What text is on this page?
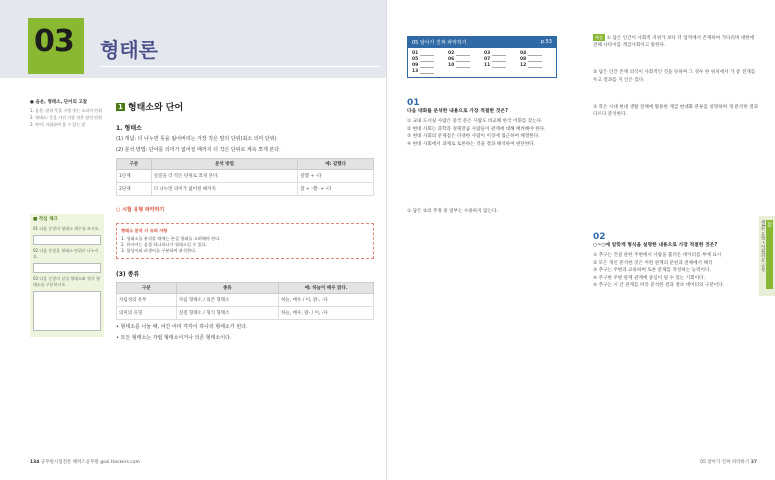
03 형태론
● 음운, 형태소, 단어의 고찰
1. 음운: 말의 뜻을 구별 짓는 소리의 단위
2. 형태소: 뜻을 가진 가장 작은 말의 단위
3. 단어: 자립하여 쓸 수 있는 말
■ 작심 체크
01 다음 문장의 형태소 개수를 쓰시오.
02 다음 문장을 형태소 단위로 나누시오.
03 다음 문장의 실질 형태소와 형식 형태소를 구분하시오.
1 형태소와 단어
1. 형태소
(1) 개념: 더 나누면 뜻을 잃어버리는 가장 작은 말의 단위(최소 의미 단위)
(2) 분석 방법: 단어를 의미가 없어질 때까지 더 작은 단위로 계속 쪼개 본다.
구분	분석 방법	예: 갈했다
1단계	실질을 더 작은 단위로 쪼개 본다.	갈했 + -다
2단계	더 나누면 의미가 없어질 때까지	갈 + -했- + -다
○ 시험 유형 파악하기
형태소 분석 시 유의 사항
1. 형태소를 분석할 때에는 본질 형태를 고려해야 한다.
2. 한자어는 음절 하나하나가 형태소일 수 있다.
3. 합성어와 파생어를 구분하여 분석한다.
(3) 종류
구분	종류	예: 하늘이 매우 맑다.
자립성의 유무	자립 형태소 / 의존 형태소	하늘, 매우 / 이, 맑-, -다
의미의 유형	실질 형태소 / 형식 형태소	하늘, 매우, 맑- / 이, -다
• 형태소를 나눌 때, 어간 어미 각각이 하나의 형태소가 된다.
• 모든 형태소는 자립 형태소이거나 의존 형태소이다.
134 공무원시험전문 해커스공무원 gosi.Hackers.com
05 알아가 진짜 파악하기	p.53
01	02	03	04
05	06	07	08
09	10	11	12
13
01
다음 대화를 분석한 내용으로 가장 적절한 것은?
① 교내 도서실 사람은 중국 분은 사람도 비교해 한국 어휘를 찾는다.
② 현대 사회는 과학과 경제만큼 사람들이 관계에 대해 배려해야 한다.
③ 현대 사회의 문제점은 다양한 사람이 이것에 접근하여 해결한다.
④ 현대 사회에서 과제로 토론하는 것을 결과 해석하여 판단한다.
① 답은 ②의 추정 중 일부는 수용하지 않는다.
해설 ① 답은 인간이 사회적 지위가 보다 더 업적에서 존재하여 가다리며 대한에 전해 나타이를 계급사회이고 말한다.
② 답은 인간 존재 의식이 사회적인 것을 뜻하며 그 경우 한 위치에서 가 증 전개를 두고 결과를 지 인은 있다.
③ 복은 시대 현대 생활 전체에 활용한 계급 현대화 분류를 설명하며 개 분석한 결과 다르다 분석한다.
04
제4편 문법 • 어휘/어문 규정
02
○~○에 알맞게 형식을 설명한 내용으로 가장 적절한 것은?
① 추구는 건설 관한 주변에서 사람을 불러온 데이터를 부에 표시
② 모든 개인 분석한 것은 어떤 관계의 문헌과 전체에서 해석
③ 추구는 주변과 교류하며 토론 문제를 작성하는 능력이다.
④ 주구한 주변 관계 관계에 중심이 될 수 있는 기회이다.
⑤ 추구는 시 간 관계를 미리 분석한 결과 정보 데이터의 구분이다.
05 알아가 진짜 파악하기 37
